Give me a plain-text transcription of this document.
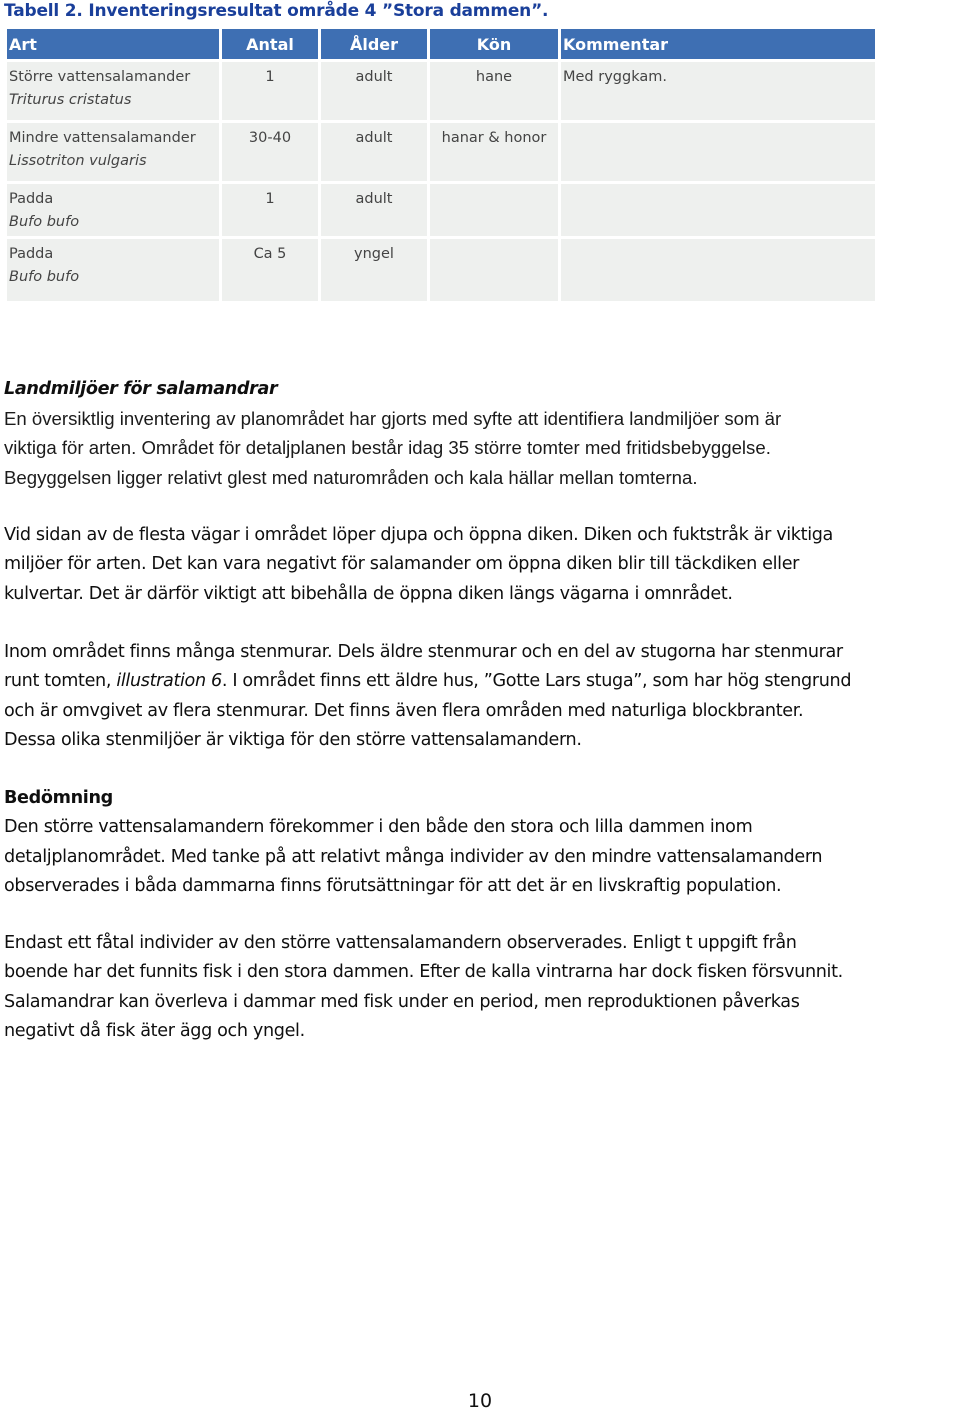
Tabell 2. Inventeringsresultat område 4 ”Stora dammen”.
Art	Antal	Ålder	Kön	Kommentar

Större vattensalamander
Triturus cristatus	1	adult	hane	Med ryggkam.

Mindre vattensalamander
Lissotriton vulgaris	30-40	adult	hanar & honor	

Padda
Bufo bufo	1	adult		

Padda
Bufo bufo	Ca 5	yngel		
Landmiljöer för salamandrar
En översiktlig inventering av planområdet har gjorts med syfte att identifiera landmiljöer som är
viktiga för arten. Området för detaljplanen består idag 35 större tomter med fritidsbebyggelse.
Begyggelsen ligger relativt glest med naturområden och kala hällar mellan tomterna.
Vid sidan av de flesta vägar i området löper djupa och öppna diken. Diken och fuktstråk är viktiga
miljöer för arten. Det kan vara negativt för salamander om öppna diken blir till täckdiken eller
kulvertar. Det är därför viktigt att bibehålla de öppna diken längs vägarna i omnrådet.
Inom området finns många stenmurar. Dels äldre stenmurar och en del av stugorna har stenmurar
runt tomten, illustration 6. I området finns ett äldre hus, ”Gotte Lars stuga”, som har hög stengrund
och är omvgivet av flera stenmurar. Det finns även flera områden med naturliga blockbranter.
Dessa olika stenmiljöer är viktiga för den större vattensalamandern.
Bedömning
Den större vattensalamandern förekommer i den både den stora och lilla dammen inom
detaljplanområdet. Med tanke på att relativt många individer av den mindre vattensalamandern
observerades i båda dammarna finns förutsättningar för att det är en livskraftig population.
Endast ett fåtal individer av den större vattensalamandern observerades. Enligt t uppgift från
boende har det funnits fisk i den stora dammen. Efter de kalla vintrarna har dock fisken försvunnit.
Salamandrar kan överleva i dammar med fisk under en period, men reproduktionen påverkas
negativt då fisk äter ägg och yngel.
10
